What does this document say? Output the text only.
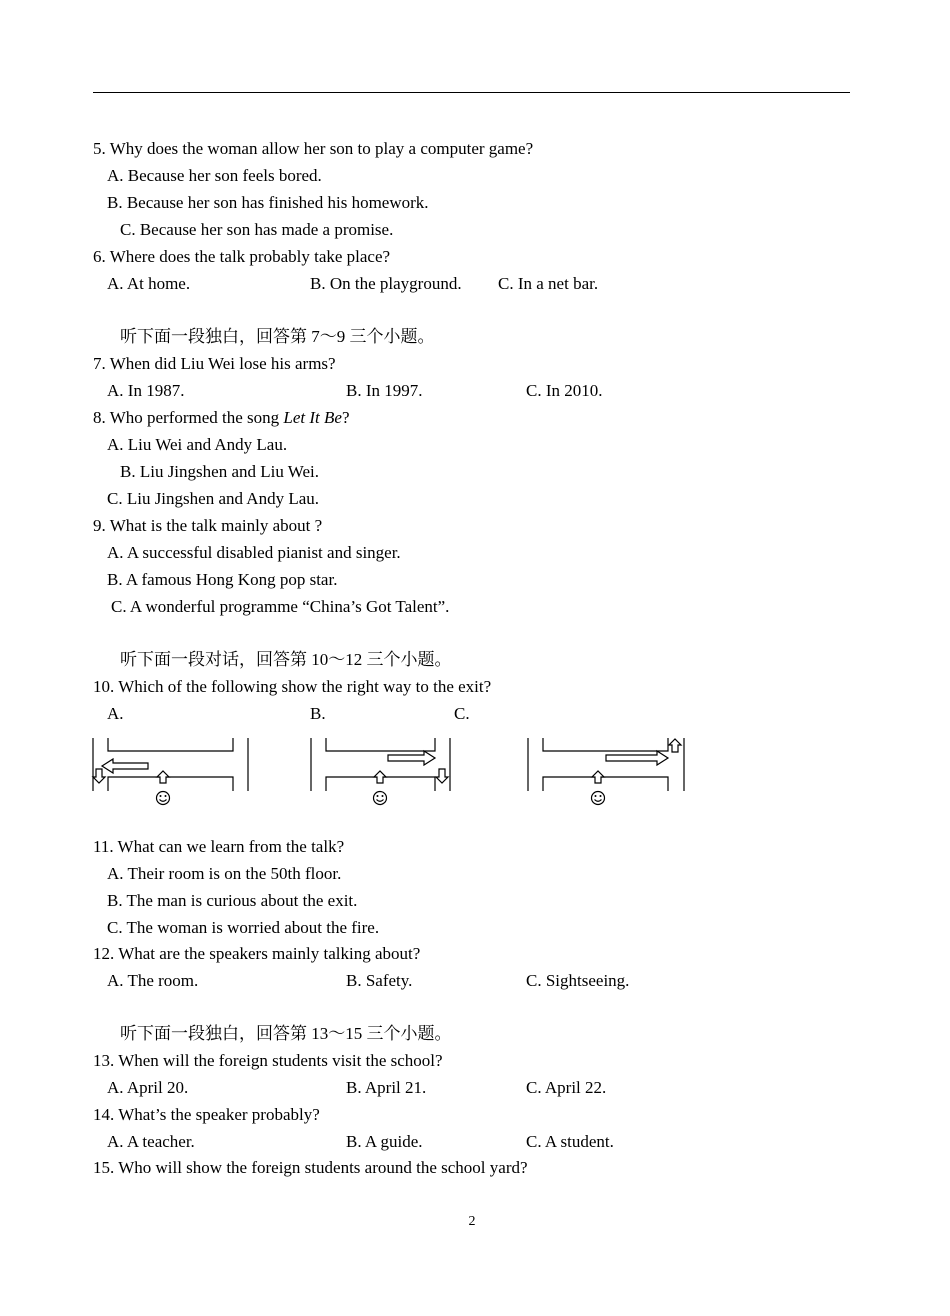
5. Why does the woman allow her son to play a computer game?
A. Because her son feels bored.
B. Because her son has finished his homework.
C. Because her son has made a promise.
6. Where does the talk probably take place?
A. At home.	B. On the playground. C. In a net bar.
听下面一段独白，回答第 7～9 三个小题。
7. When did Liu Wei lose his arms?
A. In 1987.	B. In 1997.	C. In 2010.
8. Who performed the song Let It Be?
A. Liu Wei and Andy Lau.
B. Liu Jingshen and Liu Wei.
C. Liu Jingshen and Andy Lau.
9. What is the talk mainly about ?
A. A successful disabled pianist and singer.
B. A famous Hong Kong pop star.
C. A wonderful programme “China’s Got Talent”.
听下面一段对话，回答第 10～12 三个小题。
10. Which of the following show the right way to the exit?
A.	B.	C.
11. What can we learn from the talk?
A. Their room is on the 50th floor.
B. The man is curious about the exit.
C. The woman is worried about the fire.
12. What are the speakers mainly talking about?
A. The room.	B. Safety.	C. Sightseeing.
听下面一段独白，回答第 13～15 三个小题。
13. When will the foreign students visit the school?
A. April 20.	B. April 21.	C. April 22.
14. What’s the speaker probably?
A. A teacher.	B. A guide.	C. A student.
15. Who will show the foreign students around the school yard?
2
